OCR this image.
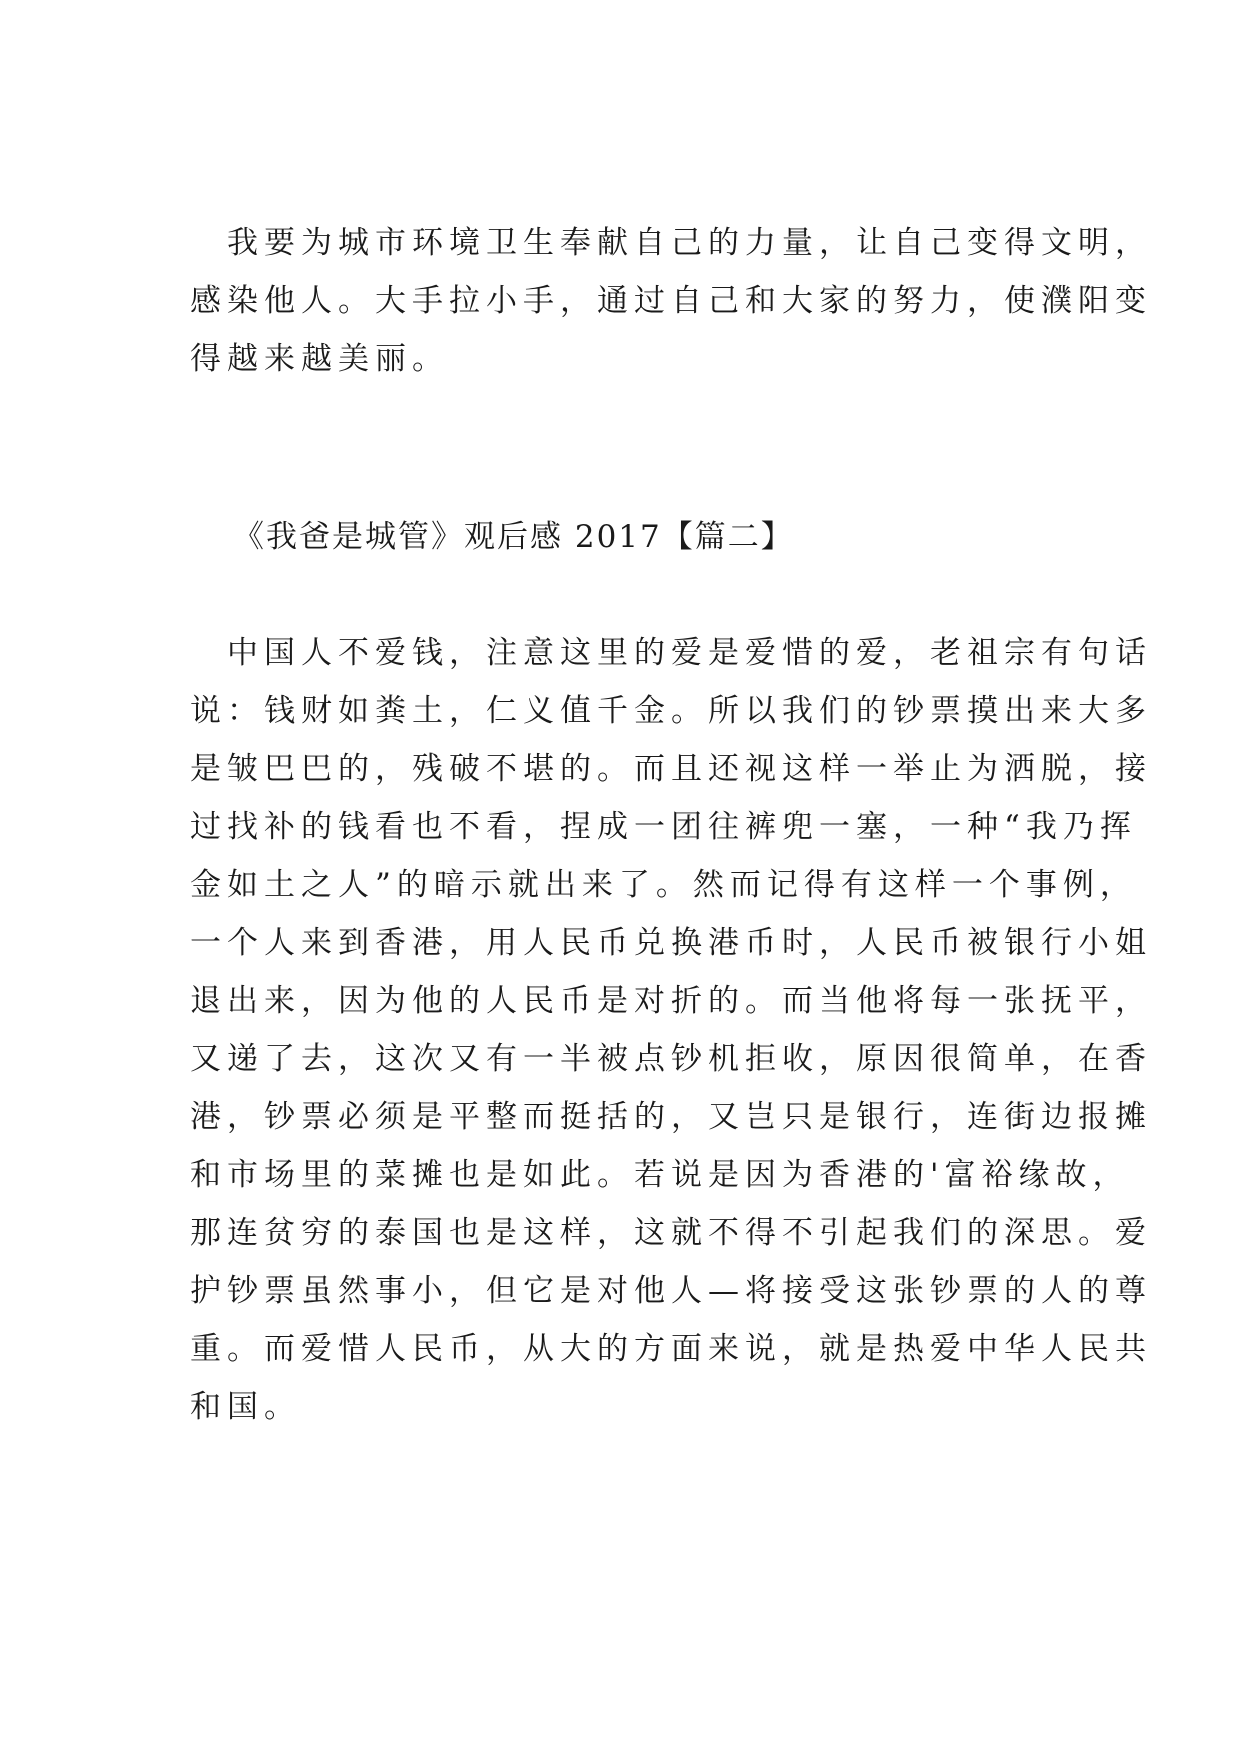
　我要为城市环境卫生奉献自己的力量，让自己变得文明，
感染他人。大手拉小手，通过自己和大家的努力，使濮阳变
得越来越美丽。
《我爸是城管》观后感 2017【篇二】
　中国人不爱钱，注意这里的爱是爱惜的爱，老祖宗有句话
说：钱财如粪土，仁义值千金。所以我们的钞票摸出来大多
是皱巴巴的，残破不堪的。而且还视这样一举止为洒脱，接
过找补的钱看也不看，捏成一团往裤兜一塞，一种“我乃挥
金如土之人”的暗示就出来了。然而记得有这样一个事例，
一个人来到香港，用人民币兑换港币时，人民币被银行小姐
退出来，因为他的人民币是对折的。而当他将每一张抚平，
又递了去，这次又有一半被点钞机拒收，原因很简单，在香
港，钞票必须是平整而挺括的，又岂只是银行，连街边报摊
和市场里的菜摊也是如此。若说是因为香港的'富裕缘故，
那连贫穷的泰国也是这样，这就不得不引起我们的深思。爱
护钞票虽然事小，但它是对他人—将接受这张钞票的人的尊
重。而爱惜人民币，从大的方面来说，就是热爱中华人民共
和国。
